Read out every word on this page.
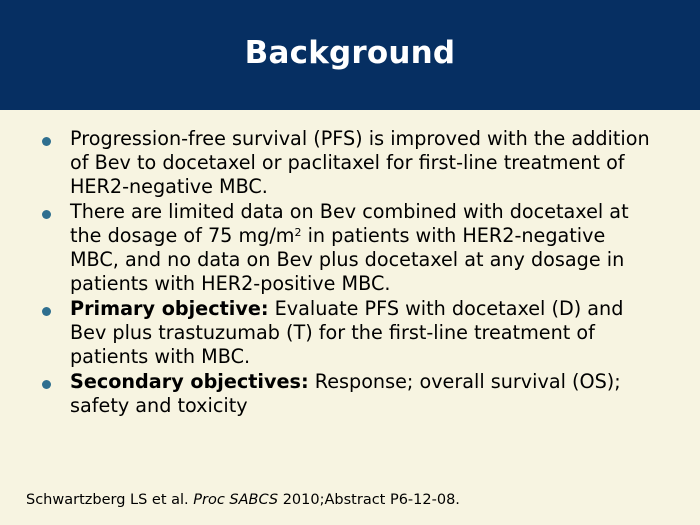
Background
Progression-free survival (PFS) is improved with the addition of Bev to docetaxel or paclitaxel for first-line treatment of HER2-negative MBC.
There are limited data on Bev combined with docetaxel at the dosage of 75 $mg/m^2$ in patients with HER2-negative MBC, and no data on Bev plus docetaxel at any dosage in patients with HER2-positive MBC.
Primary objective: Evaluate PFS with docetaxel (D) and Bev plus trastuzumab (T) for the first-line treatment of patients with MBC.
Secondary objectives: Response; overall survival (OS); safety and toxicity
Schwartzberg LS et al. Proc SABCS 2010;Abstract P6-12-08.
